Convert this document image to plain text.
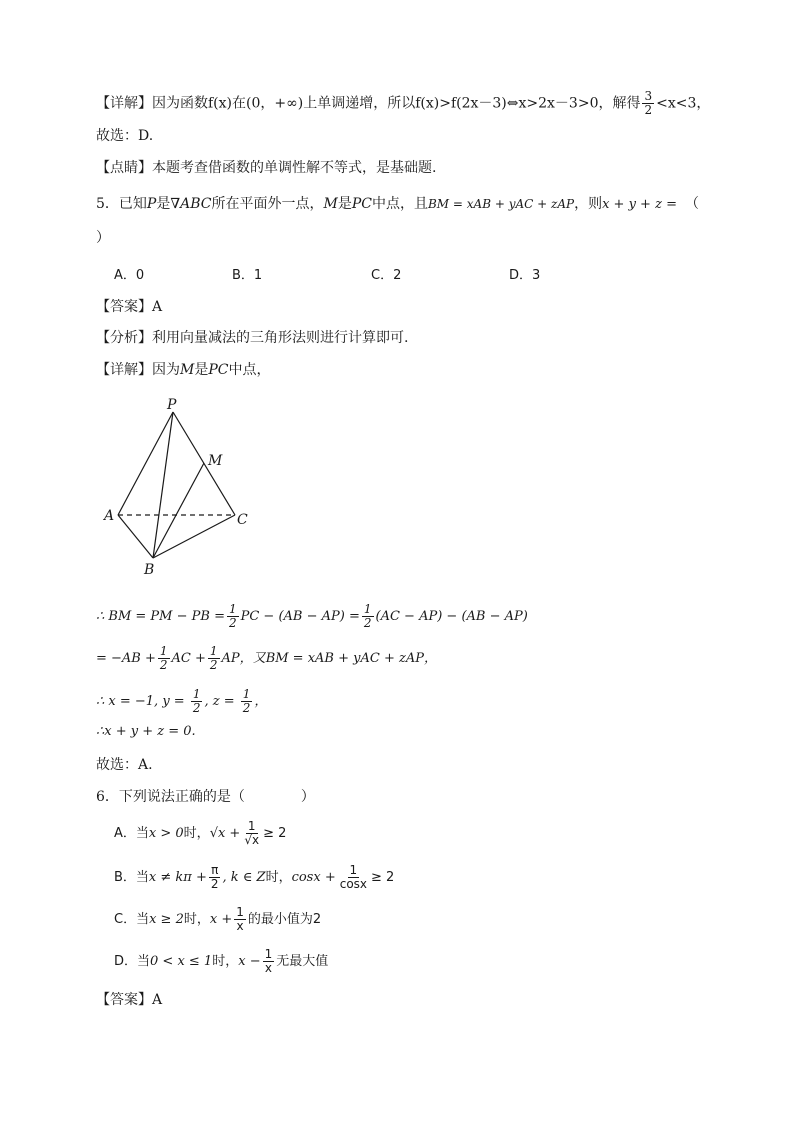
【详解】因为函数f(x)在(0，+∞)上单调递增，所以f(x)>f(2x－3)⇔x>2x－3>0，解得 $\frac{3}{2} <x<3$，
故选：D.
【点睛】本题考查借函数的单调性解不等式，是基础题.
5．已知P是∇ABC所在平面外一点，M是PC中点，且BM = xAB + yAC + zAP，则x + y + z = （
）
A．0	B．1	C．2	D．3
【答案】A
【分析】利用向量减法的三角形法则进行计算即可.
【详解】因为M是PC中点，
P
M
A	C
B
∴ BM = PM − PB = $\frac{1}{2}$ PC − $(AB - AP) = \frac{1}{2} (AC - AP) - (AB - AP)$
= $-AB + \frac{1}{2}$ AC + $\frac{1}{2}$ AP，又BM = xAB + yAC + zAP，
∴ x = −1, $y = \frac{1}{2}$ , $z = \frac{1}{2}$ ，
∴x + y + z = 0.
故选：A.
6．下列说法正确的是（　　　　）
A．当x > 0时，$√x + \frac{1}{√x} \ge 2$
B．当$x \ne k\pi + \frac{\pi}{2}$ , k ∈ Z时，$\cos x + \frac{1}{\cos x} \ge 2$
C．当x ≥ 2时，$x + \frac{1}{x}$ 的最小值为2
D．当0 < x ≤ 1时，$x - \frac{1}{x}$ 无最大值
【答案】A
